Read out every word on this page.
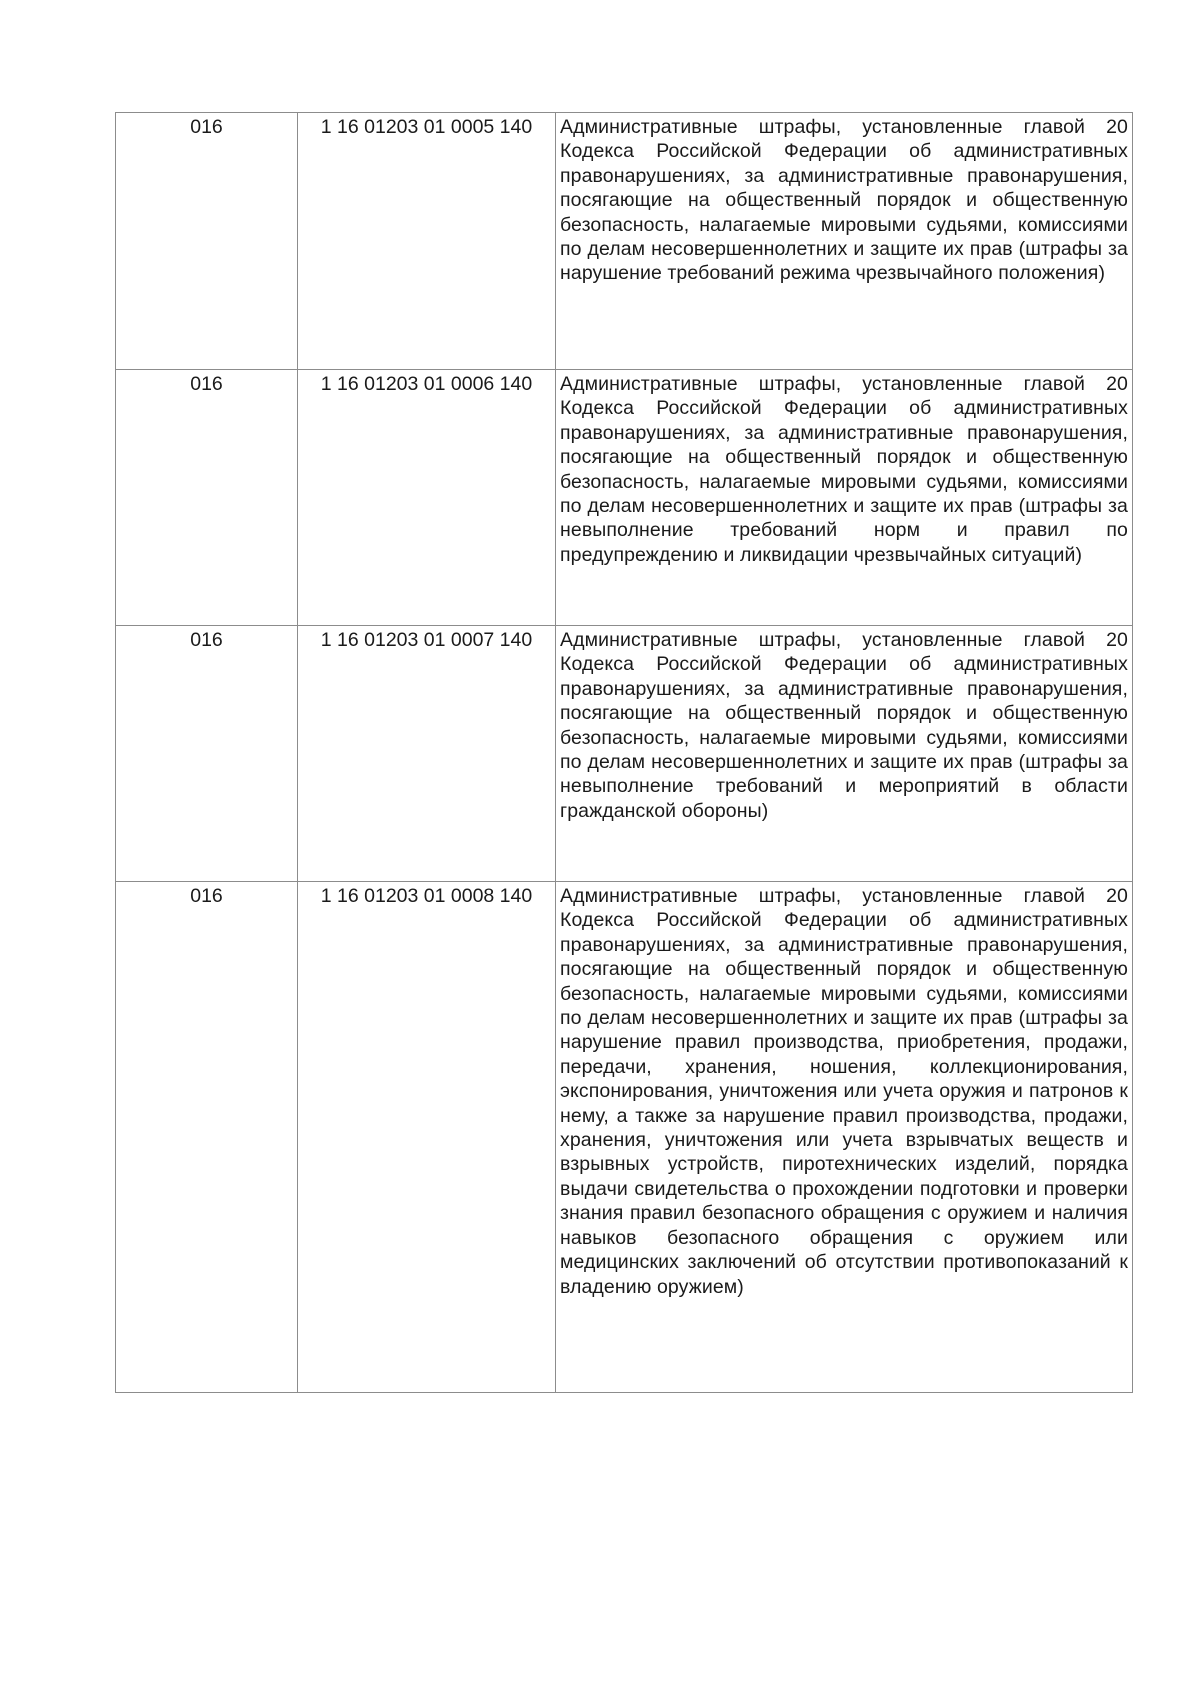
016	1 16 01203 01 0005 140	Административные штрафы, установленные главой 20 Кодекса Российской Федерации об административных правонарушениях, за административные правонарушения, посягающие на общественный порядок и общественную безопасность, налагаемые мировыми судьями, комиссиями по делам несовершеннолетних и защите их прав (штрафы за нарушение требований режима чрезвычайного положения)
016	1 16 01203 01 0006 140	Административные штрафы, установленные главой 20 Кодекса Российской Федерации об административных правонарушениях, за административные правонарушения, посягающие на общественный порядок и общественную безопасность, налагаемые мировыми судьями, комиссиями по делам несовершеннолетних и защите их прав (штрафы за невыполнение требований норм и правил по предупреждению и ликвидации чрезвычайных ситуаций)
016	1 16 01203 01 0007 140	Административные штрафы, установленные главой 20 Кодекса Российской Федерации об административных правонарушениях, за административные правонарушения, посягающие на общественный порядок и общественную безопасность, налагаемые мировыми судьями, комиссиями по делам несовершеннолетних и защите их прав (штрафы за невыполнение требований и мероприятий в области гражданской обороны)
016	1 16 01203 01 0008 140	Административные штрафы, установленные главой 20 Кодекса Российской Федерации об административных правонарушениях, за административные правонарушения, посягающие на общественный порядок и общественную безопасность, налагаемые мировыми судьями, комиссиями по делам несовершеннолетних и защите их прав (штрафы за нарушение правил производства, приобретения, продажи, передачи, хранения, ношения, коллекционирования, экспонирования, уничтожения или учета оружия и патронов к нему, а также за нарушение правил производства, продажи, хранения, уничтожения или учета взрывчатых веществ и взрывных устройств, пиротехнических изделий, порядка выдачи свидетельства о прохождении подготовки и проверки знания правил безопасного обращения с оружием и наличия навыков безопасного обращения с оружием или медицинских заключений об отсутствии противопоказаний к владению оружием)
